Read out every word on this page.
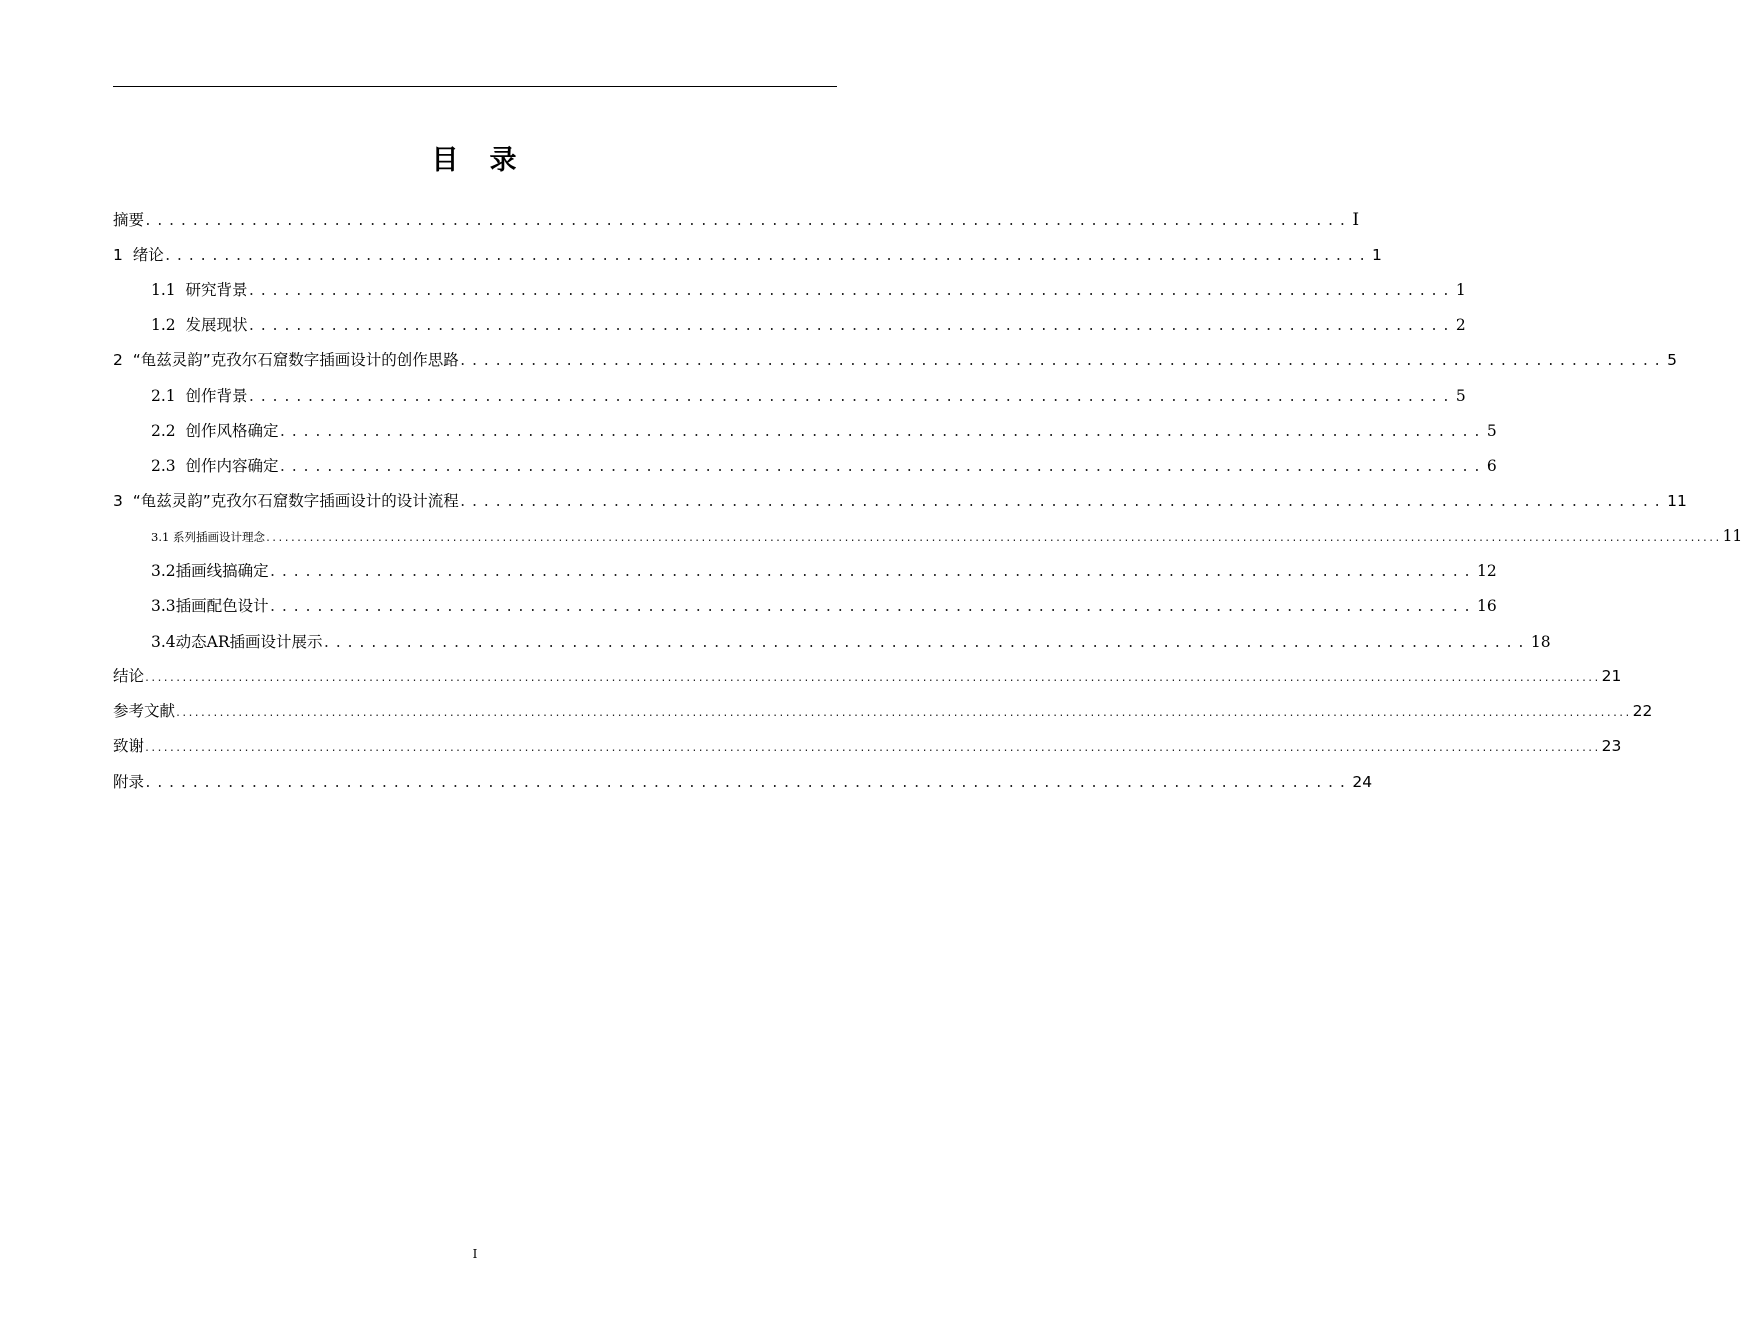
目　录
摘要 ...................................................................................................... I
1  绪论 ...................................................................................................... 1
1.1  研究背景 ...................................................................................................... 1
1.2  发展现状 ...................................................................................................... 2
2  “龟兹灵韵”克孜尔石窟数字插画设计的创作思路 ...................................................................................................... 5
2.1  创作背景 ...................................................................................................... 5
2.2  创作风格确定 ...................................................................................................... 5
2.3  创作内容确定 ...................................................................................................... 6
3  “龟兹灵韵”克孜尔石窟数字插画设计的设计流程 ...................................................................................................... 11
3.1 系列插画设计理念 .......................................................................................................................................................................................................................................... 11
3.2插画线搞确定 ...................................................................................................... 12
3.3插画配色设计 ...................................................................................................... 16
3.4动态AR插画设计展示 ...................................................................................................... 18
结论 .......................................................................................................................................................................................................................................... 21
参考文献 .......................................................................................................................................................................................................................................... 22
致谢 .......................................................................................................................................................................................................................................... 23
附录 ...................................................................................................... 24
I
